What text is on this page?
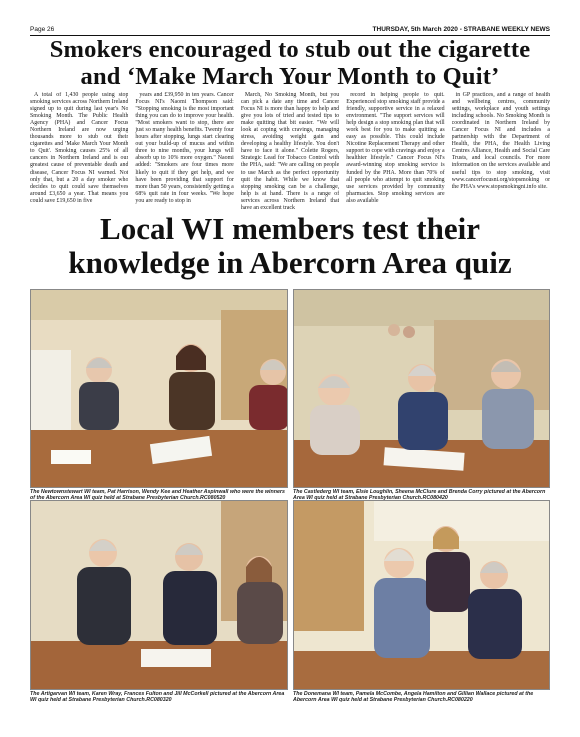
Page 26	THURSDAY, 5th March 2020 - STRABANE WEEKLY NEWS
Smokers encouraged to stub out the cigarette
and ‘Make March Your Month to Quit’

A total of 1,430 people using stop smoking services across Northern Ireland signed up to quit during last year's No Smoking Month. The Public Health Agency (PHA) and Cancer Focus Northern Ireland are now urging thousands more to stub out their cigarettes and 'Make March Your Month to Quit'. Smoking causes 25% of all cancers in Northern Ireland and is our greatest cause of preventable death and disease, Cancer Focus NI warned. Not only that, but a 20 a day smoker who decides to quit could save themselves around £3,650 a year. That means you could save £19,650 in five

years and £39,950 in ten years. Cancer Focus NI's Naomi Thompson said: "Stopping smoking is the most important thing you can do to improve your health. "Most smokers want to stop, there are just so many health benefits. Twenty four hours after stopping, lungs start clearing out your build-up of mucus and within three to nine months, your lungs will absorb up to 10% more oxygen." Naomi added: "Smokers are four times more likely to quit if they get help, and we have been providing that support for more than 50 years, consistently getting a 68% quit rate in four weeks. "We hope you are ready to stop in

March, No Smoking Month, but you can pick a date any time and Cancer Focus NI is more than happy to help and give you lots of tried and tested tips to make quitting that bit easier. "We will look at coping with cravings, managing stress, avoiding weight gain and developing a healthy lifestyle. You don't have to face it alone." Colette Rogers, Strategic Lead for Tobacco Control with the PHA, said: "We are calling on people to use March as the perfect opportunity quit the habit. While we know that stopping smoking can be a challenge, help is at hand. There is a range of services across Northern Ireland that have an excellent track

record in helping people to quit. Experienced stop smoking staff provide a friendly, supportive service in a relaxed environment. "The support services will help design a stop smoking plan that will work best for you to make quitting as easy as possible. This could include Nicotine Replacement Therapy and other support to cope with cravings and enjoy a healthier lifestyle." Cancer Focus NI's award-winning stop smoking service is funded by the PHA. More than 70% of all people who attempt to quit smoking use services provided by community pharmacies. Stop smoking services are also available

in GP practices, and a range of health and wellbeing centres, community settings, workplace and youth settings including schools. No Smoking Month is coordinated in Northern Ireland by Cancer Focus NI and includes a partnership with the Department of Health, the PHA, the Health Living Centres Alliance, Health and Social Care Trusts, and local councils. For more information on the services available and useful tips to stop smoking, visit www.cancerfocusni.org/stopsmoking or the PHA's www.stopsmokingni.info site.

Local WI members test their
knowledge in Abercorn Area quiz
The Newtownstewart WI team, Pat Harrison, Wendy Kee and Heather Aspinwall who were the winners of the Abercorn Area WI quiz held at Strabane Presbyterian Church.RC080520
The Castlederg WI team, Elsie Loughlin, Sheena McClure and Brenda Corry pictured at the Abercorn Area WI quiz held at Strabane Presbyterian Church.RC080420
The Artigarvan WI team, Karen Wray, Frances Fulton and Jill McCorkell pictured at the Abercorn Area WI quiz held at Strabane Presbyterian Church.RC080320
The Donemana WI team, Pamela McCombe, Angela Hamilton and Gillian Wallace pictured at the Abercorn Area WI quiz held at Strabane Presbyterian Church.RC080220
